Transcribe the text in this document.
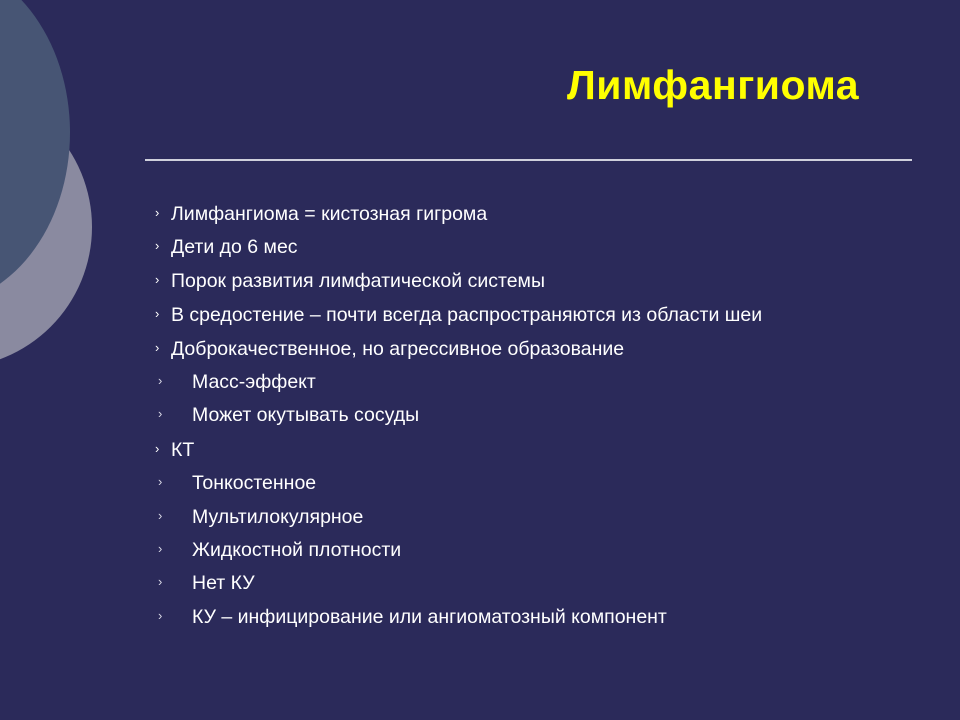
Лимфангиома
› Лимфангиома = кистозная гигрома
› Дети до 6 мес
› Порок развития лимфатической системы
› В средостение – почти всегда распространяются из области шеи
› Доброкачественное, но агрессивное образование
› Масс-эффект
› Может окутывать сосуды
› КТ
› Тонкостенное
› Мультилокулярное
› Жидкостной плотности
› Нет КУ
› КУ – инфицирование или ангиоматозный компонент
